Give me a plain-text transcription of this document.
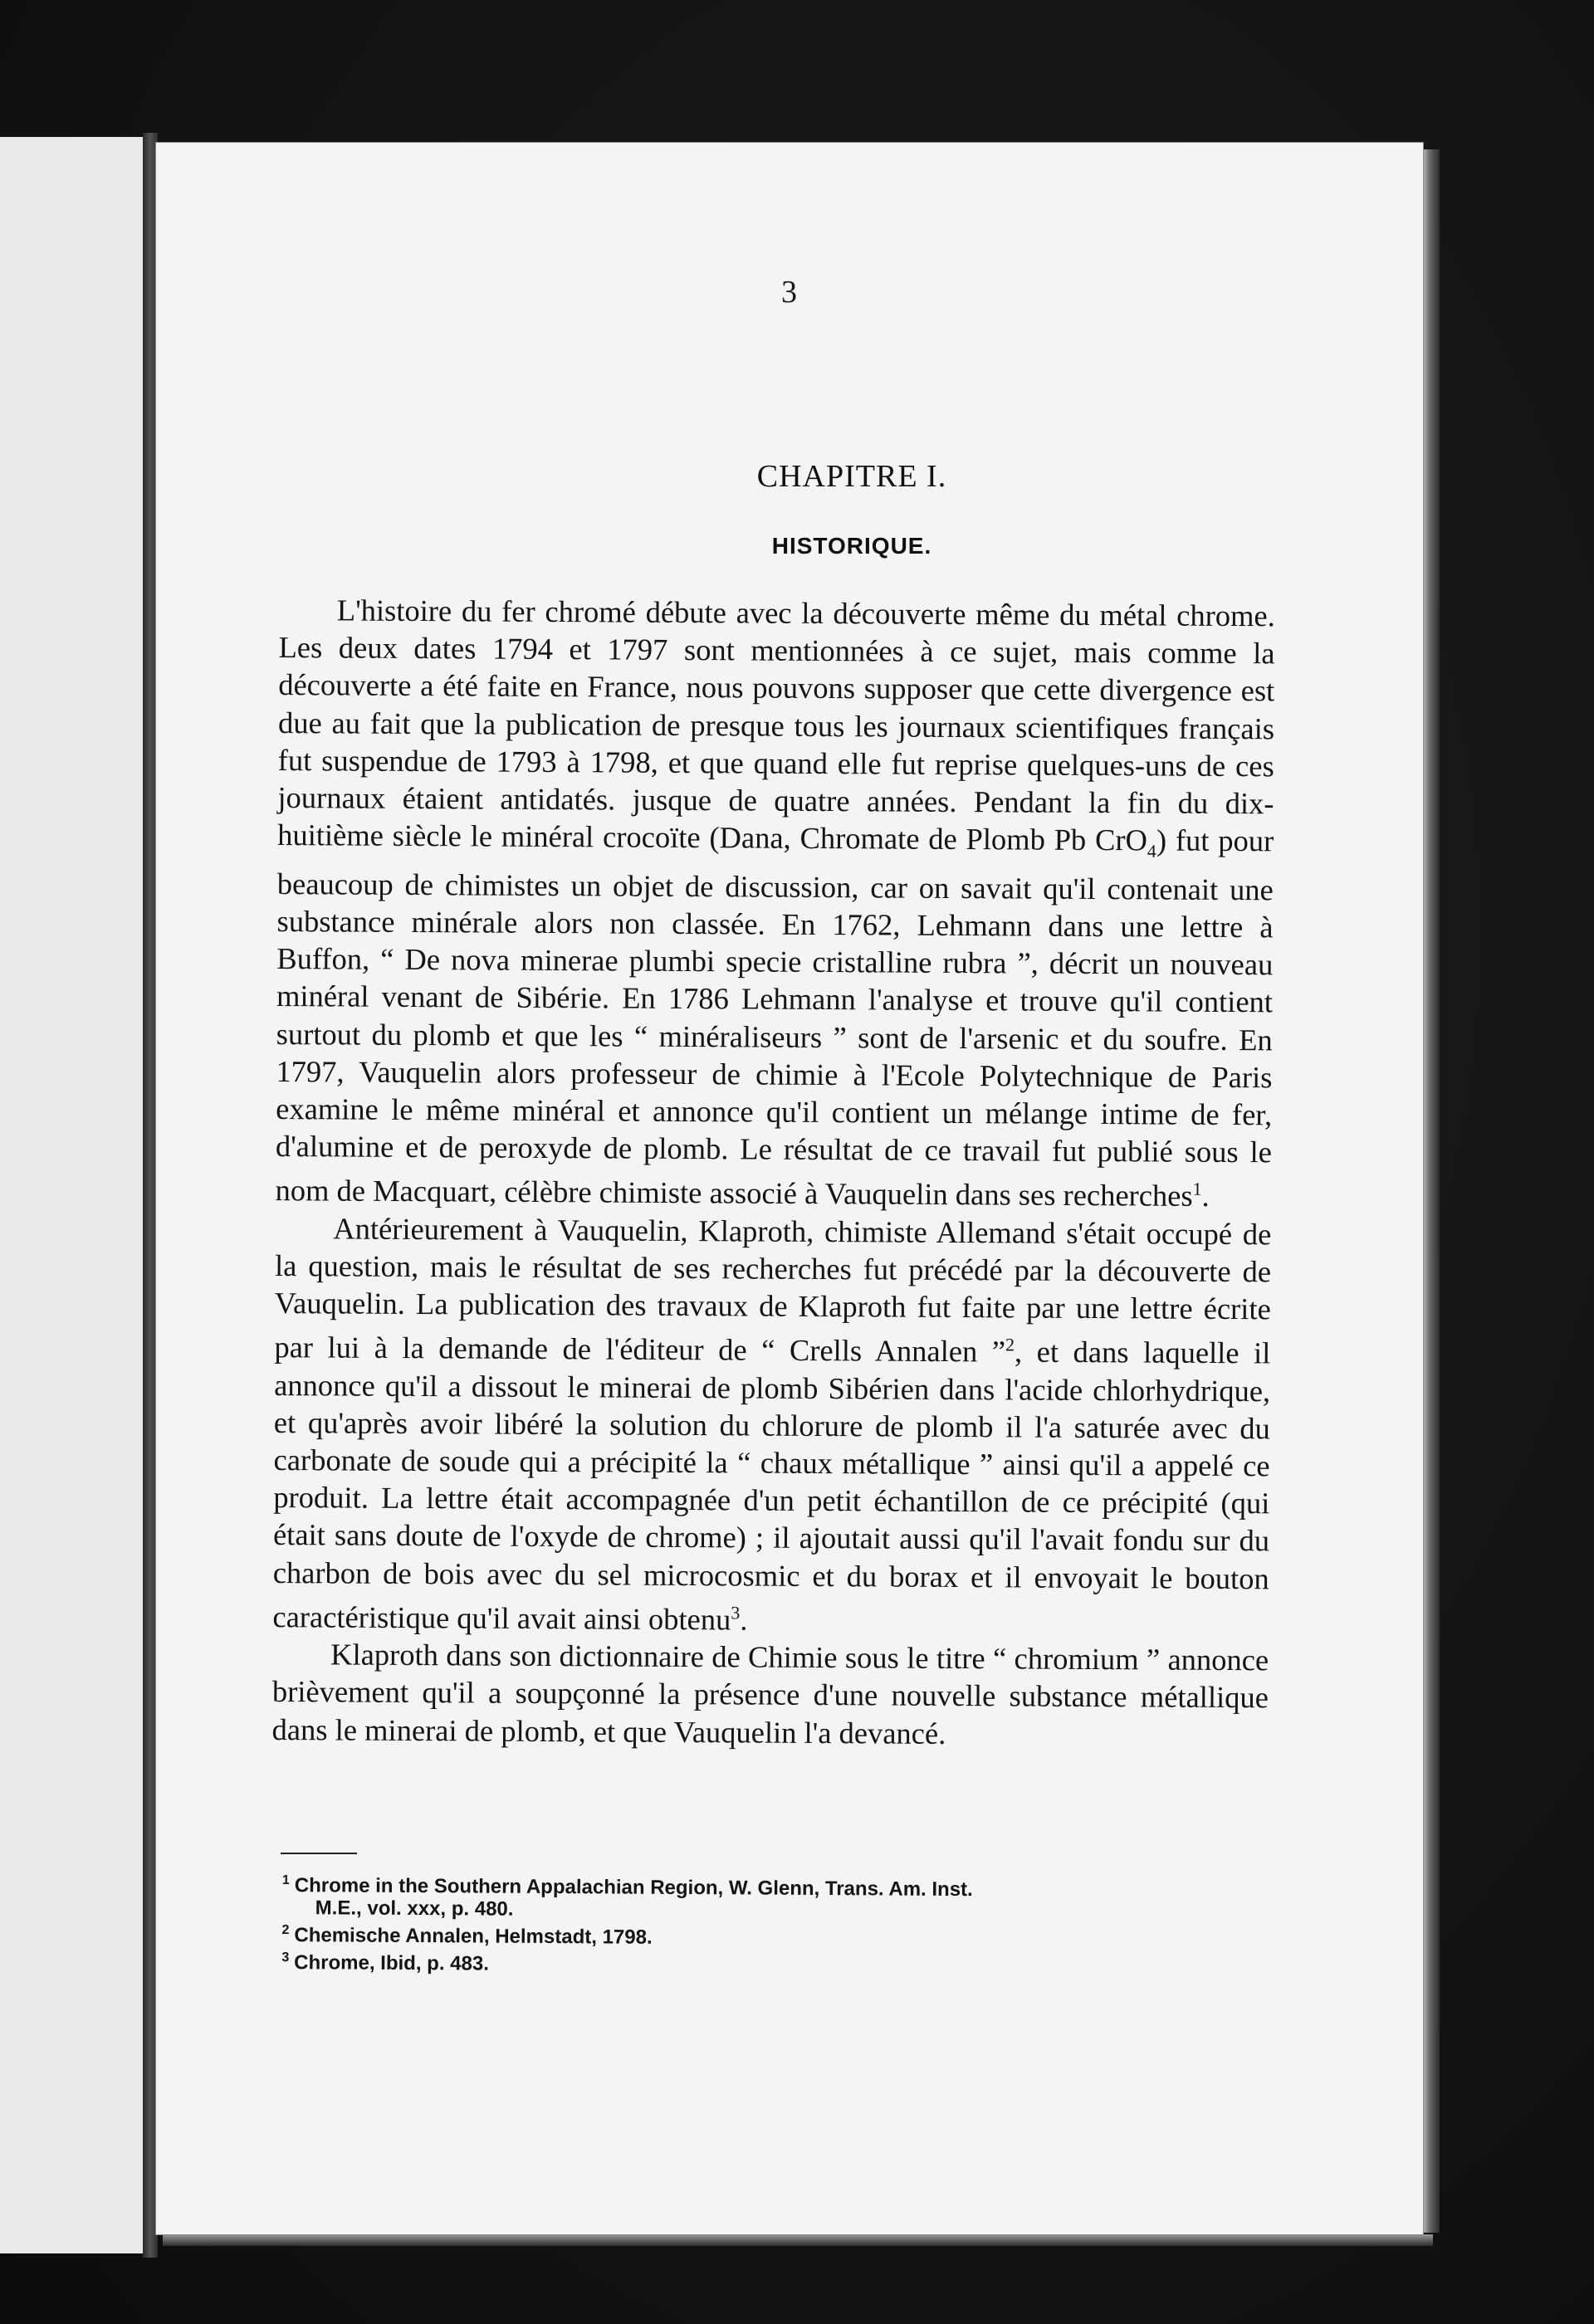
3
CHAPITRE I.
HISTORIQUE.

L'histoire du fer chromé débute avec la découverte même du métal chrome. Les deux dates 1794 et 1797 sont mentionnées à ce sujet, mais comme la découverte a été faite en France, nous pouvons supposer que cette divergence est due au fait que la publication de presque tous les journaux scientifiques français fut suspendue de 1793 à 1798, et que quand elle fut reprise quelques-uns de ces journaux étaient antidatés. jusque de quatre années. Pendant la fin du dix-huitième siècle le minéral crocoïte (Dana, Chromate de Plomb Pb CrO$_4$) fut pour beaucoup de chimistes un objet de discussion, car on savait qu'il contenait une substance minérale alors non classée. En 1762, Lehmann dans une lettre à Buffon, “ De nova minerae plumbi specie cristalline rubra ”, décrit un nouveau minéral venant de Sibérie. En 1786 Lehmann l'analyse et trouve qu'il contient surtout du plomb et que les “ minéraliseurs ” sont de l'arsenic et du soufre. En 1797, Vauquelin alors professeur de chimie à l'Ecole Polytechnique de Paris examine le même minéral et annonce qu'il contient un mélange intime de fer, d'alumine et de peroxyde de plomb. Le résultat de ce travail fut publié sous le nom de Macquart, célèbre chimiste associé à Vauquelin dans ses recherches$^1$.

Antérieurement à Vauquelin, Klaproth, chimiste Allemand s'était occupé de la question, mais le résultat de ses recherches fut précédé par la découverte de Vauquelin. La publication des travaux de Klaproth fut faite par une lettre écrite par lui à la demande de l'éditeur de “ Crells Annalen ”$^2$, et dans laquelle il annonce qu'il a dissout le minerai de plomb Sibérien dans l'acide chlorhydrique, et qu'après avoir libéré la solution du chlorure de plomb il l'a saturée avec du carbonate de soude qui a précipité la “ chaux métallique ” ainsi qu'il a appelé ce produit. La lettre était accompagnée d'un petit échantillon de ce précipité (qui était sans doute de l'oxyde de chrome) ; il ajoutait aussi qu'il l'avait fondu sur du charbon de bois avec du sel microcosmic et du borax et il envoyait le bouton caractéristique qu'il avait ainsi obtenu$^3$.

Klaproth dans son dictionnaire de Chimie sous le titre “ chromium ” annonce brièvement qu'il a soupçonné la présence d'une nouvelle substance métallique dans le minerai de plomb, et que Vauquelin l'a devancé.

$^1$ Chrome in the Southern Appalachian Region, W. Glenn, Trans. Am. Inst.
M.E., vol. xxx, p. 480.

$^2$ Chemische Annalen, Helmstadt, 1798.

$^3$ Chrome, Ibid, p. 483.
